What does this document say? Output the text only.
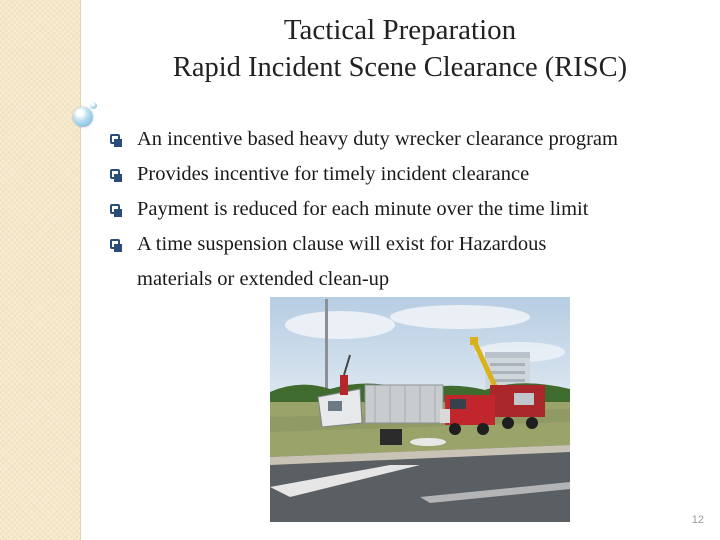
Tactical Preparation
Rapid Incident Scene Clearance (RISC)
An incentive based heavy duty wrecker clearance program
Provides incentive for timely incident clearance
Payment is reduced for each minute over the time limit
A time suspension clause will exist for Hazardous
materials or extended clean-up
12
